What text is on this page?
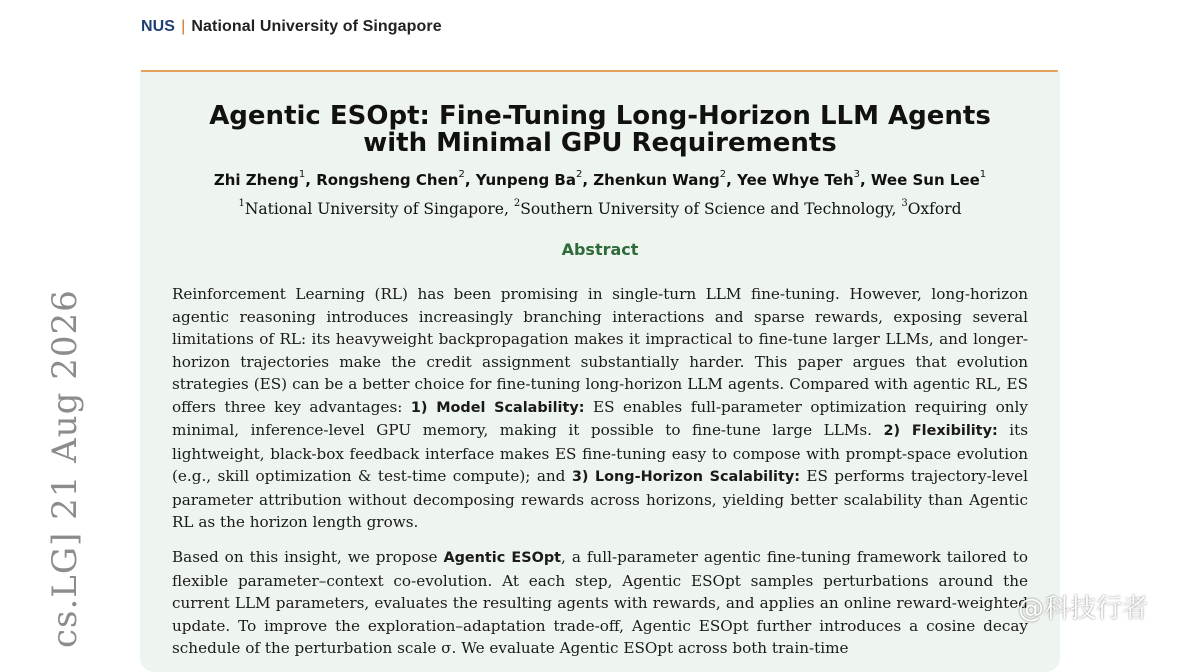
NUS | National University of Singapore
Agentic ESOpt: Fine-Tuning Long-Horizon LLM Agents
with Minimal GPU Requirements
Zhi Zheng$^1$, Rongsheng Chen$^2$, Yunpeng Ba$^2$, Zhenkun Wang$^2$, Yee Whye Teh$^3$, Wee Sun Lee$^1$
$^1$National University of Singapore, $^2$Southern University of Science and Technology, $^3$Oxford
Abstract
Reinforcement Learning (RL) has been promising in single-turn LLM fine-tuning. However, long-horizon agentic reasoning introduces increasingly branching interactions and sparse rewards, exposing several limitations of RL: its heavyweight backpropagation makes it impractical to fine-tune larger LLMs, and longer-horizon trajectories make the credit assignment substantially harder. This paper argues that evolution strategies (ES) can be a better choice for fine-tuning long-horizon LLM agents. Compared with agentic RL, ES offers three key advantages: 1) Model Scalability: ES enables full-parameter optimization requiring only minimal, inference-level GPU memory, making it possible to fine-tune large LLMs. 2) Flexibility: its lightweight, black-box feedback interface makes ES fine-tuning easy to compose with prompt-space evolution (e.g., skill optimization & test-time compute); and 3) Long-Horizon Scalability: ES performs trajectory-level parameter attribution without decomposing rewards across horizons, yielding better scalability than Agentic RL as the horizon length grows.
Based on this insight, we propose Agentic ESOpt, a full-parameter agentic fine-tuning framework tailored to flexible parameter–context co-evolution. At each step, Agentic ESOpt samples perturbations around the current LLM parameters, evaluates the resulting agents with rewards, and applies an online reward-weighted update. To improve the exploration–adaptation trade-off, Agentic ESOpt further introduces a cosine decay schedule of the perturbation scale σ. We evaluate Agentic ESOpt across both train-time
cs.LG] 21 Aug 2026	@科技行者
